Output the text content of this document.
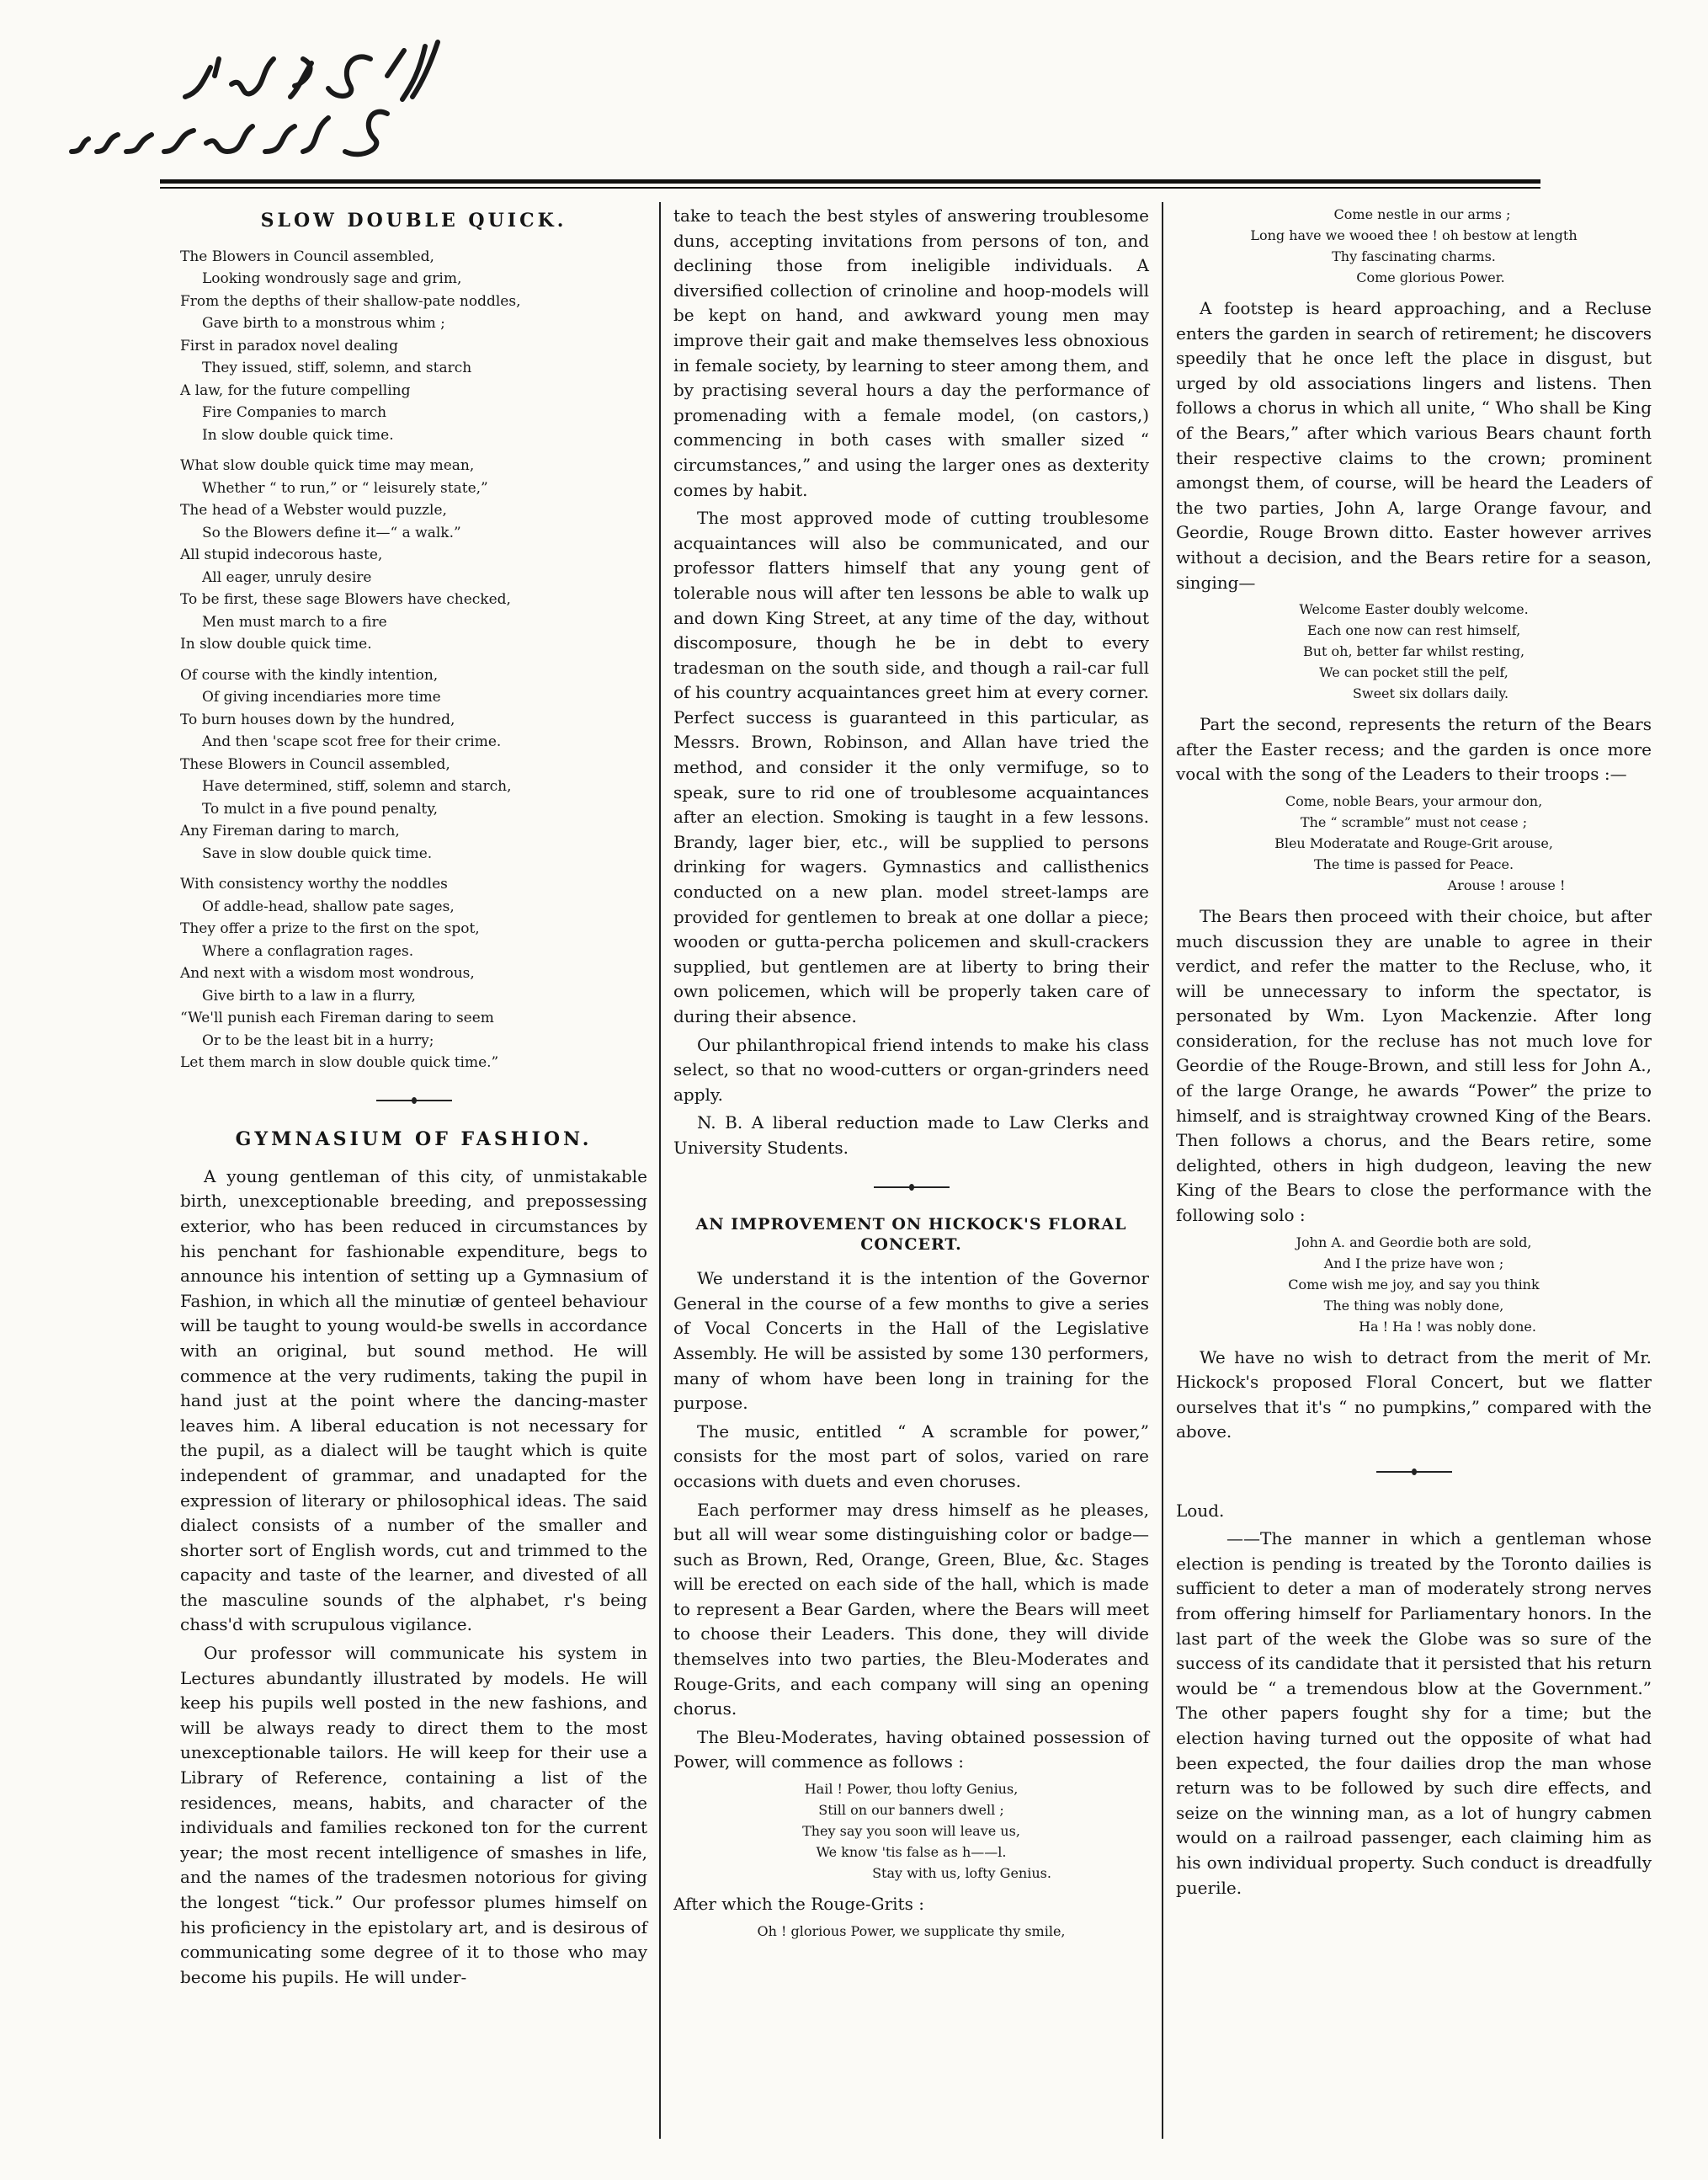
SLOW DOUBLE QUICK.
The Blowers in Council assembled,
Looking wondrously sage and grim,
From the depths of their shallow-pate noddles,
Gave birth to a monstrous whim ;
First in paradox novel dealing
They issued, stiff, solemn, and starch
A law, for the future compelling
Fire Companies to march
In slow double quick time.
What slow double quick time may mean,
Whether “ to run,” or “ leisurely state,”
The head of a Webster would puzzle,
So the Blowers define it—“ a walk.”
All stupid indecorous haste,
All eager, unruly desire
To be first, these sage Blowers have checked,
Men must march to a fire
In slow double quick time.
Of course with the kindly intention,
Of giving incendiaries more time
To burn houses down by the hundred,
And then 'scape scot free for their crime.
These Blowers in Council assembled,
Have determined, stiff, solemn and starch,
To mulct in a five pound penalty,
Any Fireman daring to march,
Save in slow double quick time.
With consistency worthy the noddles
Of addle-head, shallow pate sages,
They offer a prize to the first on the spot,
Where a conflagration rages.
And next with a wisdom most wondrous,
Give birth to a law in a flurry,
“We'll punish each Fireman daring to seem
Or to be the least bit in a hurry;
Let them march in slow double quick time.”
GYMNASIUM OF FASHION.

A young gentleman of this city, of unmistakable birth, unexceptionable breeding, and prepossessing exterior, who has been reduced in circumstances by his penchant for fashionable expenditure, begs to announce his intention of setting up a Gymnasium of Fashion, in which all the minutiæ of genteel behaviour will be taught to young would-be swells in accordance with an original, but sound method. He will commence at the very rudiments, taking the pupil in hand just at the point where the dancing-master leaves him. A liberal education is not necessary for the pupil, as a dialect will be taught which is quite independent of grammar, and unadapted for the expression of literary or philosophical ideas. The said dialect consists of a number of the smaller and shorter sort of English words, cut and trimmed to the capacity and taste of the learner, and divested of all the masculine sounds of the alphabet, r's being chass'd with scrupulous vigilance.

Our professor will communicate his system in Lectures abundantly illustrated by models. He will keep his pupils well posted in the new fashions, and will be always ready to direct them to the most unexceptionable tailors. He will keep for their use a Library of Reference, containing a list of the residences, means, habits, and character of the individuals and families reckoned ton for the current year; the most recent intelligence of smashes in life, and the names of the tradesmen notorious for giving the longest “tick.” Our professor plumes himself on his proficiency in the epistolary art, and is desirous of communicating some degree of it to those who may become his pupils. He will under-

take to teach the best styles of answering troublesome duns, accepting invitations from persons of ton, and declining those from ineligible individuals. A diversified collection of crinoline and hoop-models will be kept on hand, and awkward young men may improve their gait and make themselves less obnoxious in female society, by learning to steer among them, and by practising several hours a day the performance of promenading with a female model, (on castors,) commencing in both cases with smaller sized “ circumstances,” and using the larger ones as dexterity comes by habit.

The most approved mode of cutting troublesome acquaintances will also be communicated, and our professor flatters himself that any young gent of tolerable nous will after ten lessons be able to walk up and down King Street, at any time of the day, without discomposure, though he be in debt to every tradesman on the south side, and though a rail-car full of his country acquaintances greet him at every corner. Perfect success is guaranteed in this particular, as Messrs. Brown, Robinson, and Allan have tried the method, and consider it the only vermifuge, so to speak, sure to rid one of troublesome acquaintances after an election. Smoking is taught in a few lessons. Brandy, lager bier, etc., will be supplied to persons drinking for wagers. Gymnastics and callisthenics conducted on a new plan. model street-lamps are provided for gentlemen to break at one dollar a piece; wooden or gutta-percha policemen and skull-crackers supplied, but gentlemen are at liberty to bring their own policemen, which will be properly taken care of during their absence.

Our philanthropical friend intends to make his class select, so that no wood-cutters or organ-grinders need apply.

N. B. A liberal reduction made to Law Clerks and University Students.

AN IMPROVEMENT ON HICKOCK'S FLORAL CONCERT.

We understand it is the intention of the Governor General in the course of a few months to give a series of Vocal Concerts in the Hall of the Legislative Assembly. He will be assisted by some 130 performers, many of whom have been long in training for the purpose.

The music, entitled “ A scramble for power,” consists for the most part of solos, varied on rare occasions with duets and even choruses.

Each performer may dress himself as he pleases, but all will wear some distinguishing color or badge—such as Brown, Red, Orange, Green, Blue, &c. Stages will be erected on each side of the hall, which is made to represent a Bear Garden, where the Bears will meet to choose their Leaders. This done, they will divide themselves into two parties, the Bleu-Moderates and Rouge-Grits, and each company will sing an opening chorus.

The Bleu-Moderates, having obtained possession of Power, will commence as follows :

Hail ! Power, thou lofty Genius,
Still on our banners dwell ;
They say you soon will leave us,
We know 'tis false as h——l.
Stay with us, lofty Genius.

After which the Rouge-Grits :

Oh ! glorious Power, we supplicate thy smile,
Come nestle in our arms ;
Long have we wooed thee ! oh bestow at length
Thy fascinating charms.
Come glorious Power.

A footstep is heard approaching, and a Recluse enters the garden in search of retirement; he discovers speedily that he once left the place in disgust, but urged by old associations lingers and listens. Then follows a chorus in which all unite, “ Who shall be King of the Bears,” after which various Bears chaunt forth their respective claims to the crown; prominent amongst them, of course, will be heard the Leaders of the two parties, John A, large Orange favour, and Geordie, Rouge Brown ditto. Easter however arrives without a decision, and the Bears retire for a season, singing—

Welcome Easter doubly welcome.
Each one now can rest himself,
But oh, better far whilst resting,
We can pocket still the pelf,
Sweet six dollars daily.

Part the second, represents the return of the Bears after the Easter recess; and the garden is once more vocal with the song of the Leaders to their troops :—

Come, noble Bears, your armour don,
The “ scramble” must not cease ;
Bleu Moderatate and Rouge-Grit arouse,
The time is passed for Peace.
Arouse ! arouse !

The Bears then proceed with their choice, but after much discussion they are unable to agree in their verdict, and refer the matter to the Recluse, who, it will be unnecessary to inform the spectator, is personated by Wm. Lyon Mackenzie. After long consideration, for the recluse has not much love for Geordie of the Rouge-Brown, and still less for John A., of the large Orange, he awards “Power” the prize to himself, and is straightway crowned King of the Bears. Then follows a chorus, and the Bears retire, some delighted, others in high dudgeon, leaving the new King of the Bears to close the performance with the following solo :

John A. and Geordie both are sold,
And I the prize have won ;
Come wish me joy, and say you think
The thing was nobly done,
Ha ! Ha ! was nobly done.

We have no wish to detract from the merit of Mr. Hickock's proposed Floral Concert, but we flatter ourselves that it's “ no pumpkins,” compared with the above.

Loud.

——The manner in which a gentleman whose election is pending is treated by the Toronto dailies is sufficient to deter a man of moderately strong nerves from offering himself for Parliamentary honors. In the last part of the week the Globe was so sure of the success of its candidate that it persisted that his return would be “ a tremendous blow at the Government.” The other papers fought shy for a time; but the election having turned out the opposite of what had been expected, the four dailies drop the man whose return was to be followed by such dire effects, and seize on the winning man, as a lot of hungry cabmen would on a railroad passenger, each claiming him as his own individual property. Such conduct is dreadfully puerile.
